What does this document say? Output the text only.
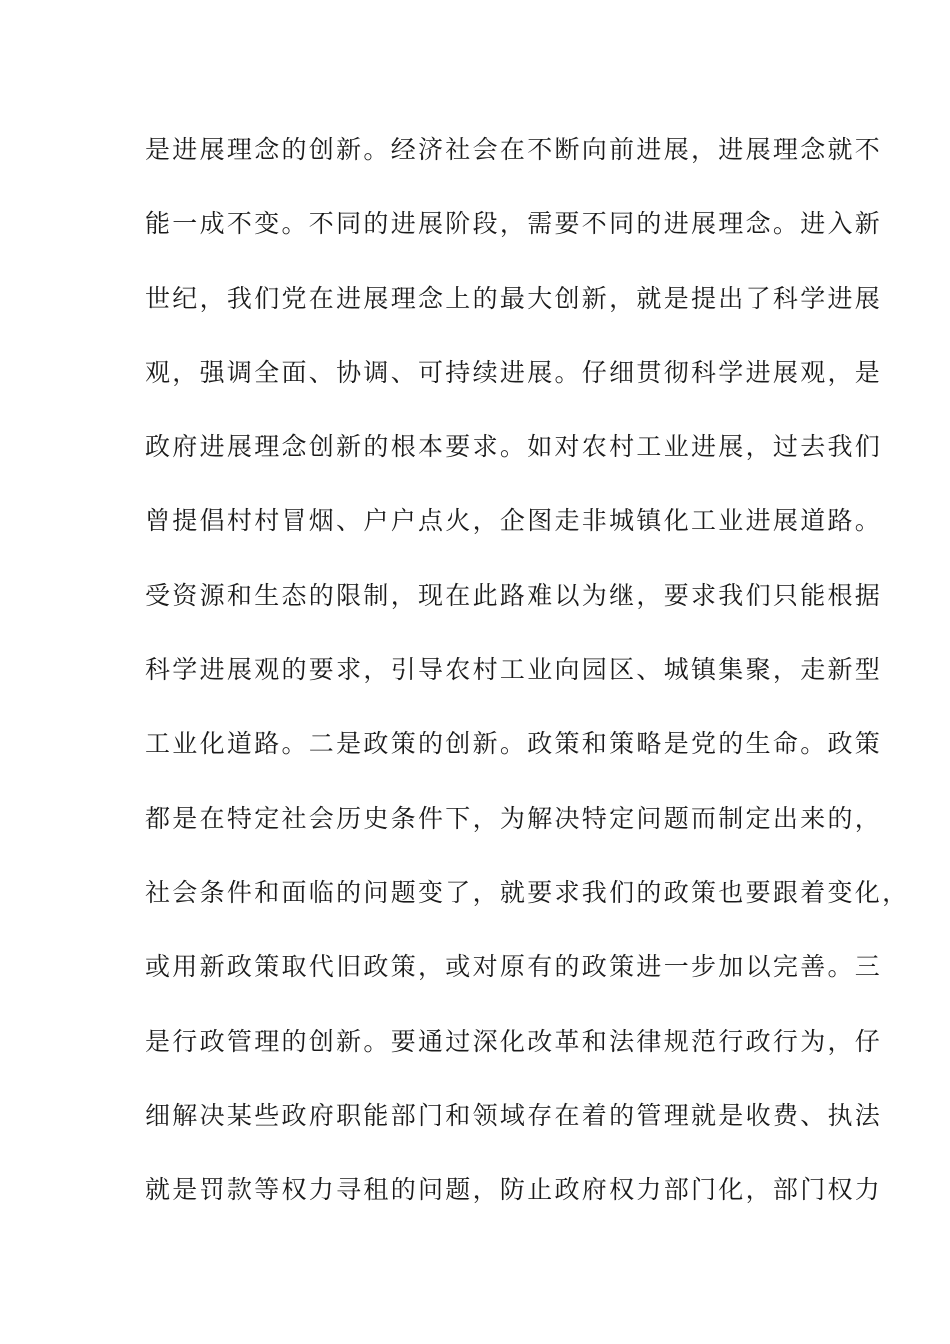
是进展理念的创新。经济社会在不断向前进展，进展理念就不
能一成不变。不同的进展阶段，需要不同的进展理念。进入新
世纪，我们党在进展理念上的最大创新，就是提出了科学进展
观，强调全面、协调、可持续进展。仔细贯彻科学进展观，是
政府进展理念创新的根本要求。如对农村工业进展，过去我们
曾提倡村村冒烟、户户点火，企图走非城镇化工业进展道路。
受资源和生态的限制，现在此路难以为继，要求我们只能根据
科学进展观的要求，引导农村工业向园区、城镇集聚，走新型
工业化道路。二是政策的创新。政策和策略是党的生命。政策
都是在特定社会历史条件下，为解决特定问题而制定出来的，
社会条件和面临的问题变了，就要求我们的政策也要跟着变化，
或用新政策取代旧政策，或对原有的政策进一步加以完善。三
是行政管理的创新。要通过深化改革和法律规范行政行为，仔
细解决某些政府职能部门和领域存在着的管理就是收费、执法
就是罚款等权力寻租的问题，防止政府权力部门化，部门权力
